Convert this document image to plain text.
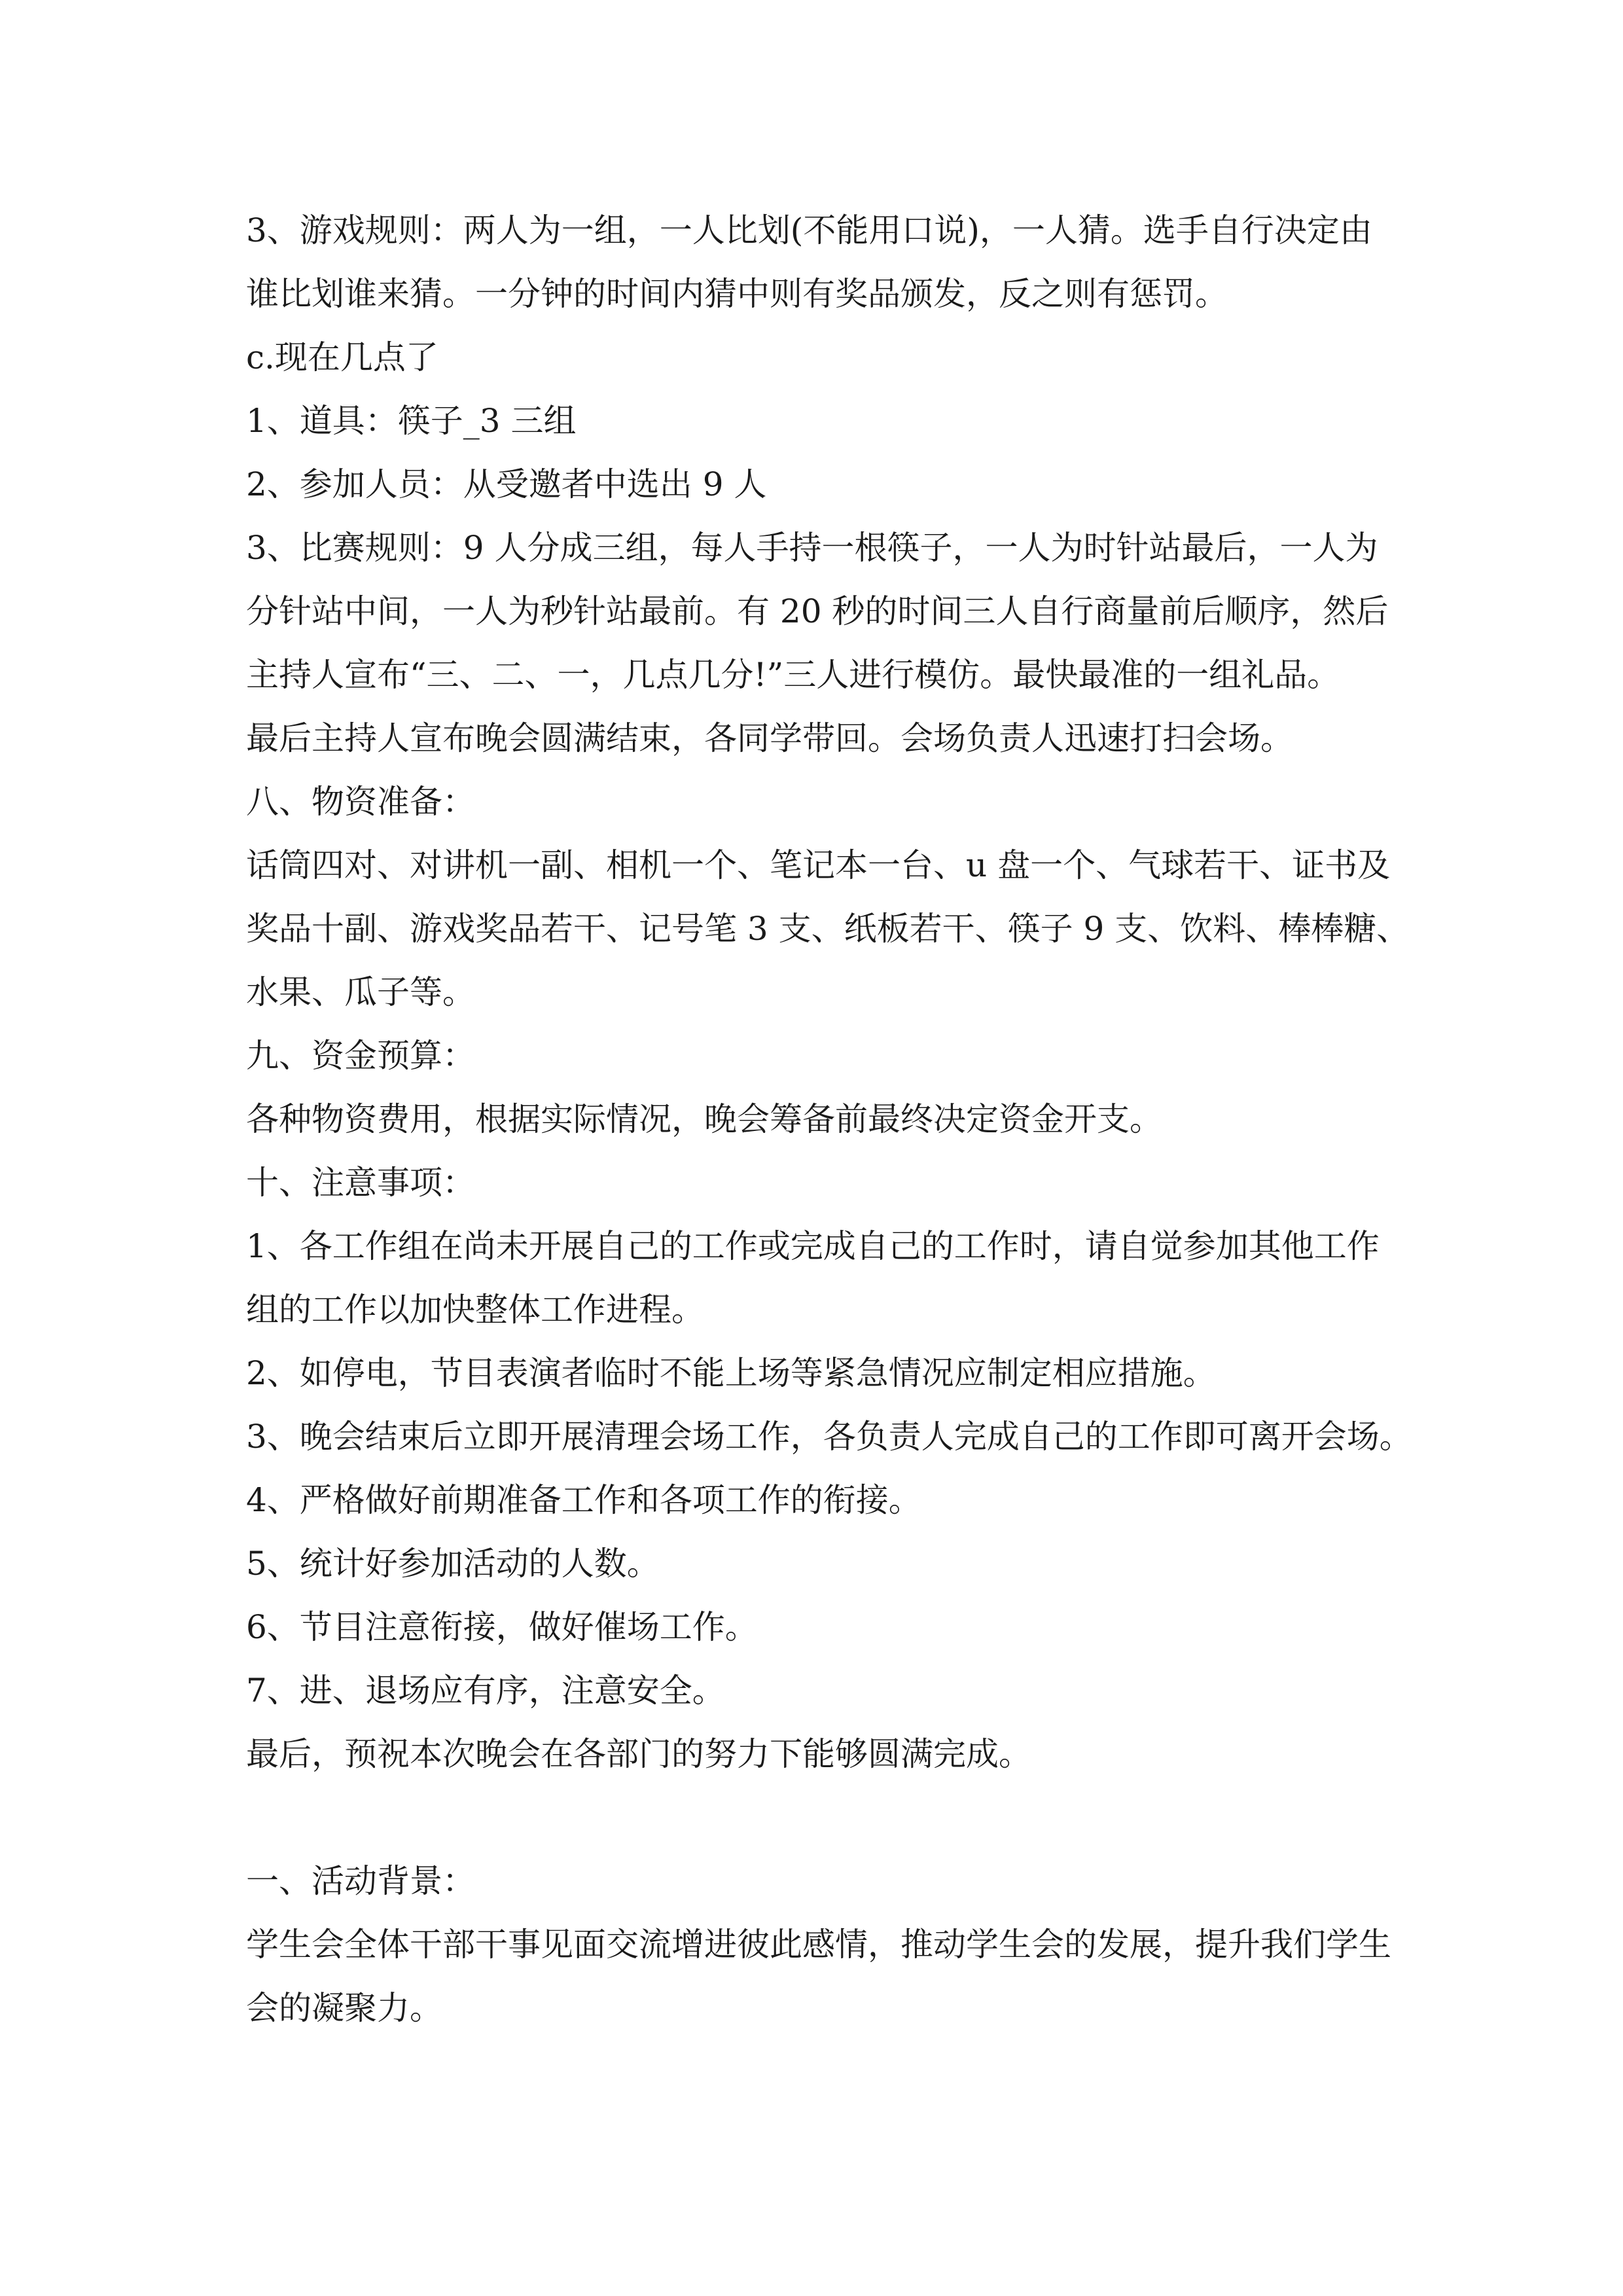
3、游戏规则：两人为一组，一人比划(不能用口说)，一人猜。选手自行决定由

谁比划谁来猜。一分钟的时间内猜中则有奖品颁发，反之则有惩罚。

c.现在几点了

1、道具：筷子_3 三组

2、参加人员：从受邀者中选出 9 人

3、比赛规则：9 人分成三组，每人手持一根筷子，一人为时针站最后，一人为

分针站中间，一人为秒针站最前。有 20 秒的时间三人自行商量前后顺序，然后

主持人宣布“三、二、一，几点几分!”三人进行模仿。最快最准的一组礼品。

最后主持人宣布晚会圆满结束，各同学带回。会场负责人迅速打扫会场。

八、物资准备：

话筒四对、对讲机一副、相机一个、笔记本一台、u 盘一个、气球若干、证书及

奖品十副、游戏奖品若干、记号笔 3 支、纸板若干、筷子 9 支、饮料、棒棒糖、

水果、瓜子等。

九、资金预算：

各种物资费用，根据实际情况，晚会筹备前最终决定资金开支。

十、注意事项：

1、各工作组在尚未开展自己的工作或完成自己的工作时，请自觉参加其他工作

组的工作以加快整体工作进程。

2、如停电，节目表演者临时不能上场等紧急情况应制定相应措施。

3、晚会结束后立即开展清理会场工作，各负责人完成自己的工作即可离开会场。

4、严格做好前期准备工作和各项工作的衔接。

5、统计好参加活动的人数。

6、节目注意衔接，做好催场工作。

7、进、退场应有序，注意安全。

最后，预祝本次晚会在各部门的努力下能够圆满完成。

一、活动背景：

学生会全体干部干事见面交流增进彼此感情，推动学生会的发展，提升我们学生

会的凝聚力。
